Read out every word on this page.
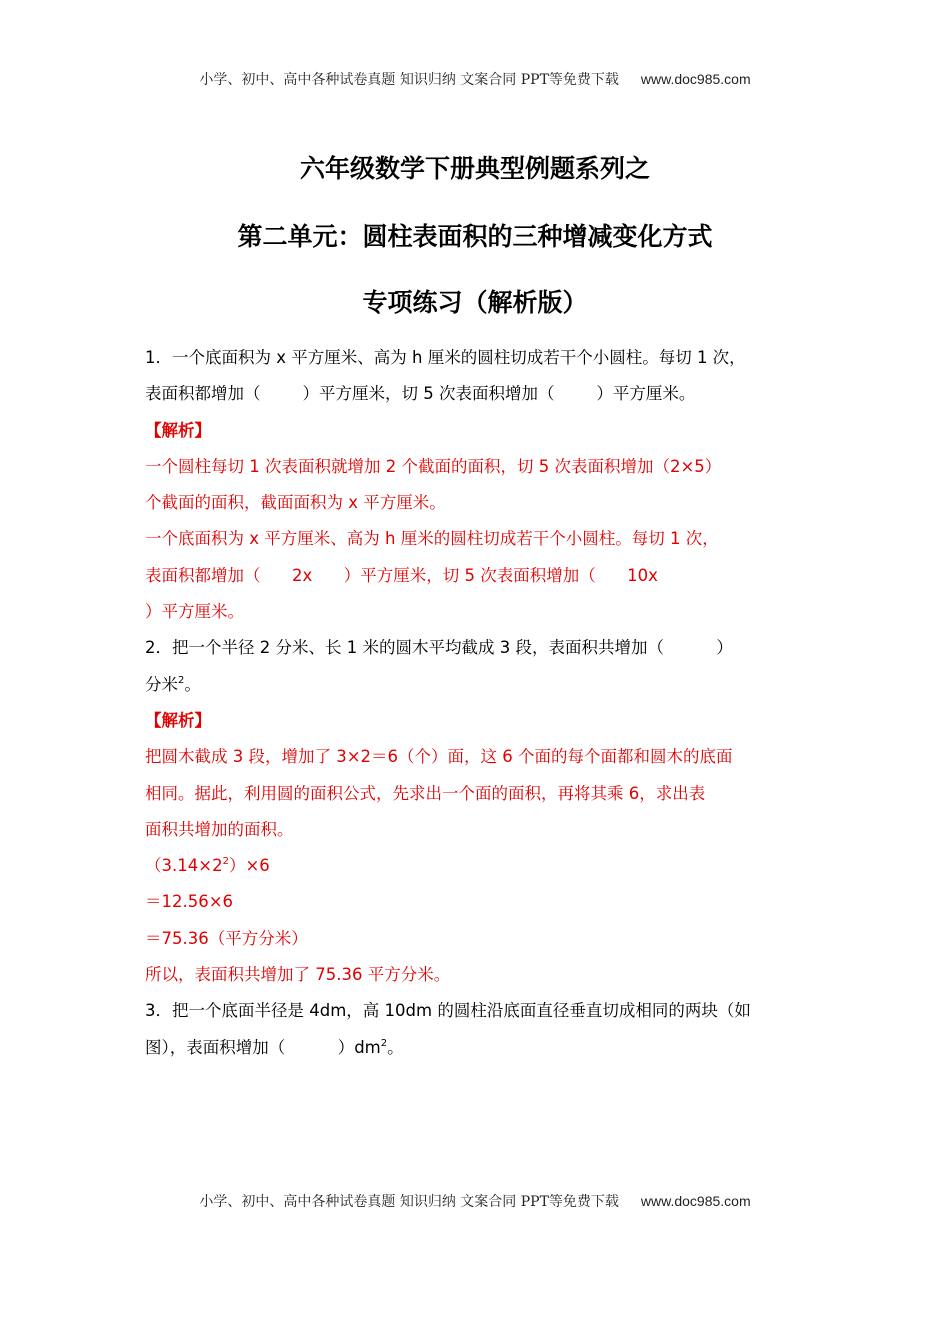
小学、初中、高中各种试卷真题 知识归纳 文案合同 PPT等免费下载 www.doc985.com
六年级数学下册典型例题系列之
第二单元：圆柱表面积的三种增减变化方式
专项练习（解析版）
1．一个底面积为 x 平方厘米、高为 h 厘米的圆柱切成若干个小圆柱。每切 1 次，
表面积都增加（        ）平方厘米，切 5 次表面积增加（        ）平方厘米。
【解析】
一个圆柱每切 1 次表面积就增加 2 个截面的面积，切 5 次表面积增加（2×5）
个截面的面积，截面面积为 x 平方厘米。
一个底面积为 x 平方厘米、高为 h 厘米的圆柱切成若干个小圆柱。每切 1 次，
表面积都增加（      2x      ）平方厘米，切 5 次表面积增加（      10x
）平方厘米。
2．把一个半径 2 分米、长 1 米的圆木平均截成 3 段，表面积共增加（          ）
分米$^2$。
【解析】
把圆木截成 3 段，增加了 3×2＝6（个）面，这 6 个面的每个面都和圆木的底面
相同。据此，利用圆的面积公式，先求出一个面的面积，再将其乘 6，求出表
面积共增加的面积。
$(3.14\times 2^2)\times 6$
＝12.56×6
＝75.36（平方分米）
所以，表面积共增加了 75.36 平方分米。
3．把一个底面半径是 4dm，高 10dm 的圆柱沿底面直径垂直切成相同的两块（如
图），表面积增加（          ）$dm^2$。
小学、初中、高中各种试卷真题 知识归纳 文案合同 PPT等免费下载 www.doc985.com
